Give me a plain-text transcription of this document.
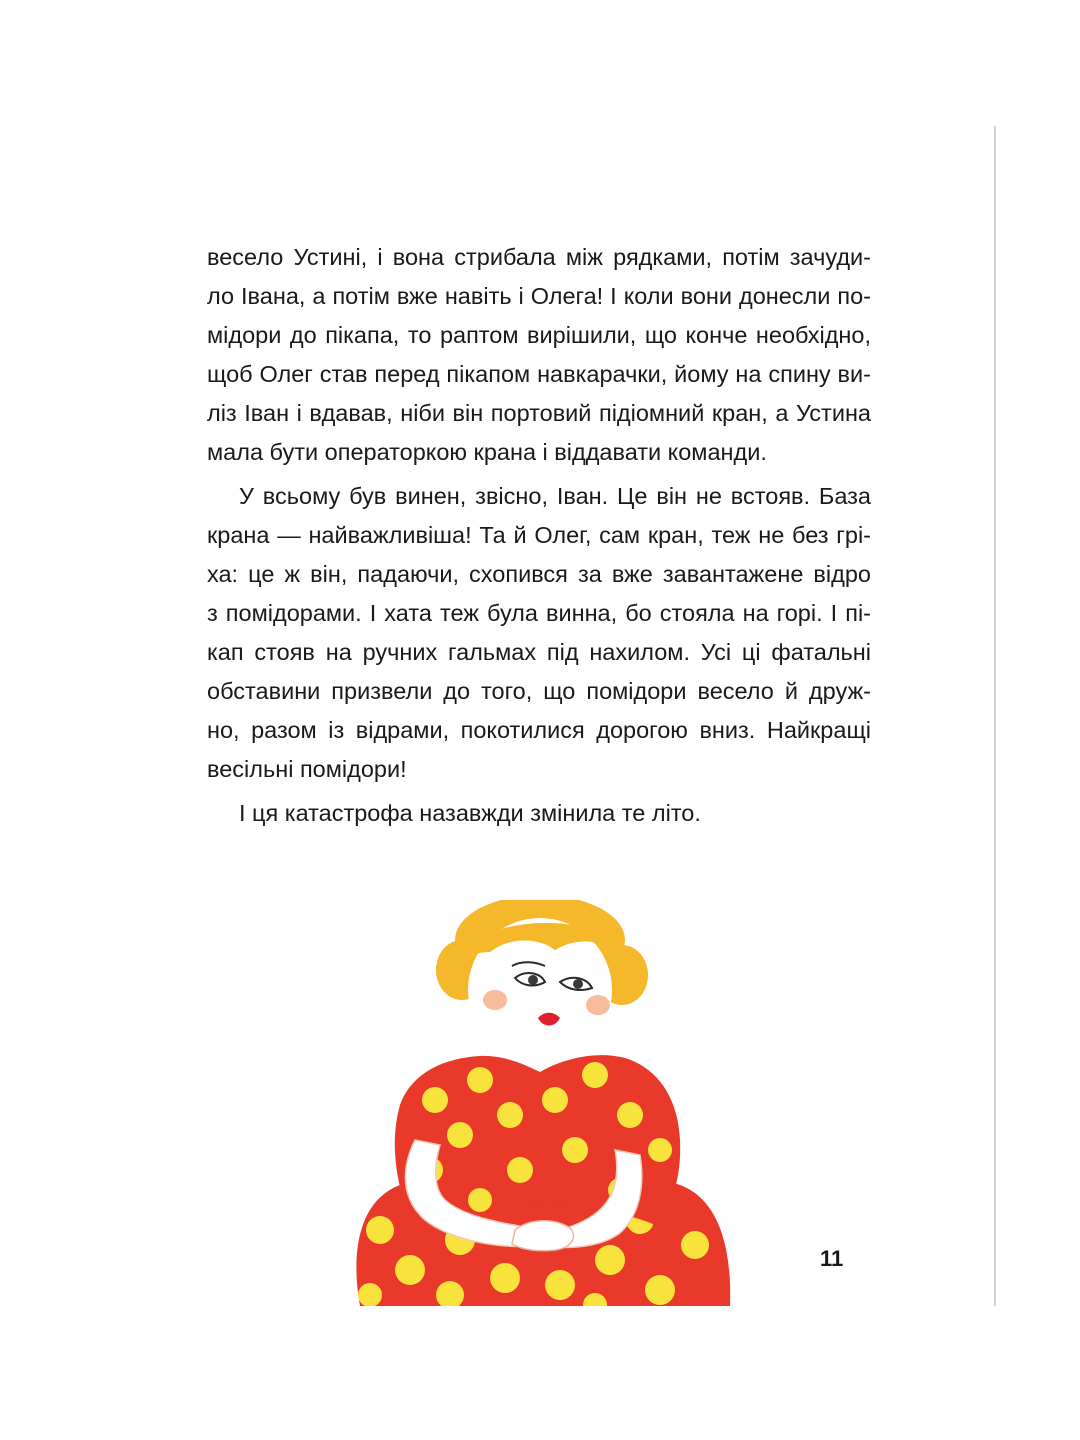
весело Устині, і вона стрибала між рядками, потім зачуди-
ло Івана, а потім вже навіть і Олега! І коли вони донесли по-
мідори до пікапа, то раптом вирішили, що конче необхідно,
щоб Олег став перед пікапом навкарачки, йому на спину ви-
ліз Іван і вдавав, ніби він портовий підіомний кран, а Устина
мала бути операторкою крана і віддавати команди.
У всьому був винен, звісно, Іван. Це він не встояв. База
крана — найважливіша! Та й Олег, сам кран, теж не без грі-
ха: це ж він, падаючи, схопився за вже завантажене відро
з помідорами. І хата теж була винна, бо стояла на горі. І пі-
кап стояв на ручних гальмах під нахилом. Усі ці фатальні
обставини призвели до того, що помідори весело й друж-
но, разом із відрами, покотилися дорогою вниз. Найкращі
весільні помідори!
І ця катастрофа назавжди змінила те літо.
11
